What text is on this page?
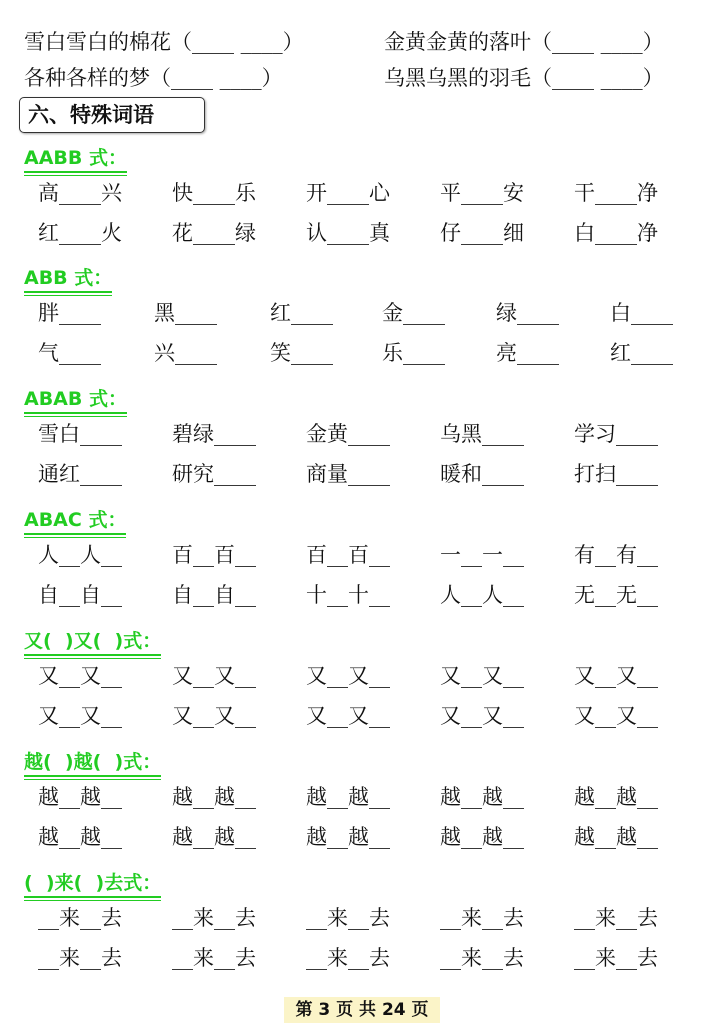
雪白雪白的棉花（____ ____）	金黄金黄的落叶（____ ____）
各种各样的梦（____ ____）	乌黑乌黑的羽毛（____ ____）
六、特殊词语
AABB 式：
高____兴 快____乐 开____心 平____安 干____净
红____火 花____绿 认____真 仔____细 白____净
ABB 式：
胖____	黑____	红____ 金____ 绿____ 白____
气____	兴____	笑____ 乐____ 亮____ 红____
ABAB 式：
雪白____ 碧绿____ 金黄____ 乌黑____ 学习____
通红____ 研究____ 商量____ 暖和____ 打扫____
ABAC 式：
人__人__ 百__百__ 百__百__ 一__一__ 有__有__
自__自__ 自__自__ 十__十__ 人__人__ 无__无__
又(  )又(  )式：
又__又__ 又__又__ 又__又__ 又__又__ 又__又__
又__又__ 又__又__ 又__又__ 又__又__ 又__又__
越(  )越(  )式：
越__越__ 越__越__ 越__越__ 越__越__ 越__越__
越__越__ 越__越__ 越__越__ 越__越__ 越__越__
(  )来(  )去式：
__来__去 __来__去 __来__去 __来__去 __来__去
__来__去 __来__去 __来__去 __来__去 __来__去
第 3 页 共 24 页
